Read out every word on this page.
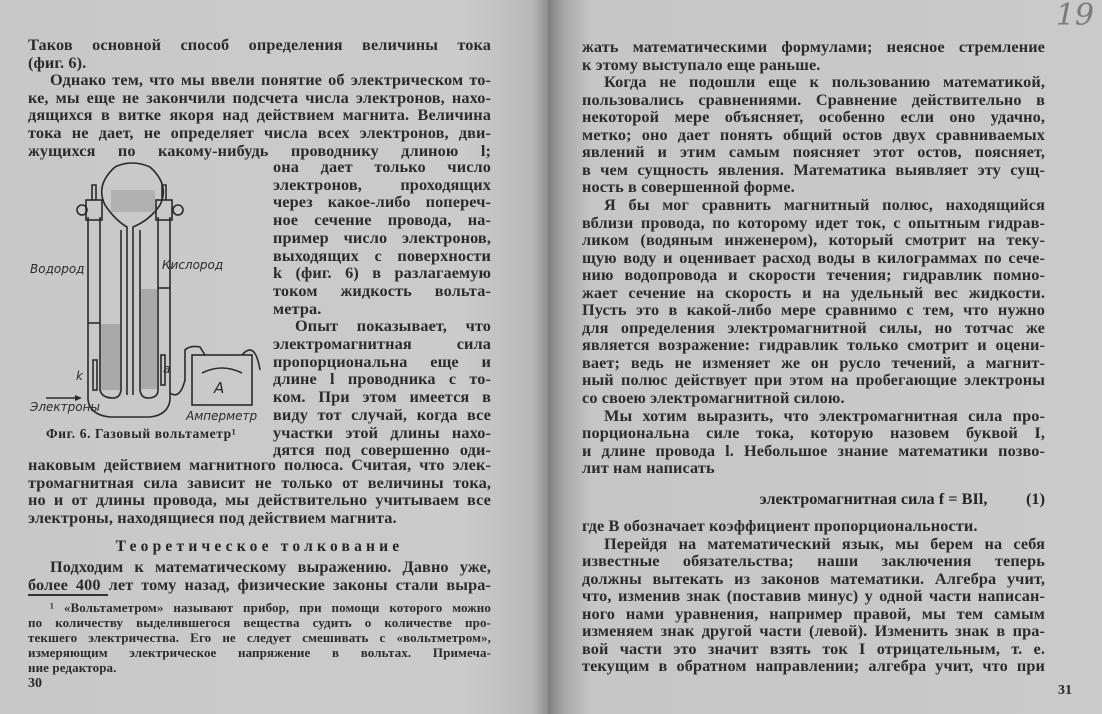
Таков основной способ определения величины тока
(фиг. 6).
Однако тем, что мы ввели понятие об электрическом то-
ке, мы еще не закончили подсчета числа электронов, нахо-
дящихся в витке якоря над действием магнита. Величина
тока не дает, не определяет числа всех электронов, дви-
жущихся по какому-нибудь проводнику длиною l;
она дает только число
электронов, проходящих
через какое-либо попереч-
ное сечение провода, на-
пример число электронов,
выходящих с поверхности
k (фиг. 6) в разлагаемую
током жидкость вольта-
метра.
Опыт показывает, что
электромагнитная сила
пропорциональна еще и
длине l проводника с то-
ком. При этом имеется в
виду тот случай, когда все
участки этой длины нахо-
дятся под совершенно оди-
наковым действием магнитного полюса. Считая, что элек-
тромагнитная сила зависит не только от величины тока,
но и от длины провода, мы действительно учитываем все
электроны, находящиеся под действием магнита.
Подходим к математическому выражению. Давно уже,
более 400 лет тому назад, физические законы стали выра-
¹ «Вольтаметром» называют прибор, при помощи которого можно
по количеству выделившегося вещества судить о количестве про-
текшего электричества. Его не следует смешивать с «вольтметром»,
измеряющим электрическое напряжение в вольтах. Примеча-
ние редактора.
Водород	Кислород
k	a
A
Электроны
Амперметр
Фиг. 6. Газовый вольтаметр¹
Теоретическое толкование
30
19
31
жать математическими формулами; неясное стремление
к этому выступало еще раньше.
Когда не подошли еще к пользованию математикой,
пользовались сравнениями. Сравнение действительно в
некоторой мере объясняет, особенно если оно удачно,
метко; оно дает понять общий остов двух сравниваемых
явлений и этим самым поясняет этот остов, поясняет,
в чем сущность явления. Математика выявляет эту сущ-
ность в совершенной форме.
Я бы мог сравнить магнитный полюс, находящийся
вблизи провода, по которому идет ток, с опытным гидрав-
ликом (водяным инженером), который смотрит на теку-
щую воду и оценивает расход воды в килограммах по сече-
нию водопровода и скорости течения; гидравлик помно-
жает сечение на скорость и на удельный вес жидкости.
Пусть это в какой-либо мере сравнимо с тем, что нужно
для определения электромагнитной силы, но тотчас же
является возражение: гидравлик только смотрит и оцени-
вает; ведь не изменяет же он русло течений, а магнит-
ный полюс действует при этом на пробегающие электроны
со своею электромагнитной силою.
Мы хотим выразить, что электромагнитная сила про-
порциональна силе тока, которую назовем буквой I,
и длине провода l. Небольшое знание математики позво-
лит нам написать
где B обозначает коэффициент пропорциональности.
Перейдя на математический язык, мы берем на себя
известные обязательства; наши заключения теперь
должны вытекать из законов математики. Алгебра учит,
что, изменив знак (поставив минус) у одной части написан-
ного нами уравнения, например правой, мы тем самым
изменяем знак другой части (левой). Изменить знак в пра-
вой части это значит взять ток I отрицательным, т. е.
текущим в обратном направлении; алгебра учит, что при
электромагнитная сила f = BIl,	(1)
